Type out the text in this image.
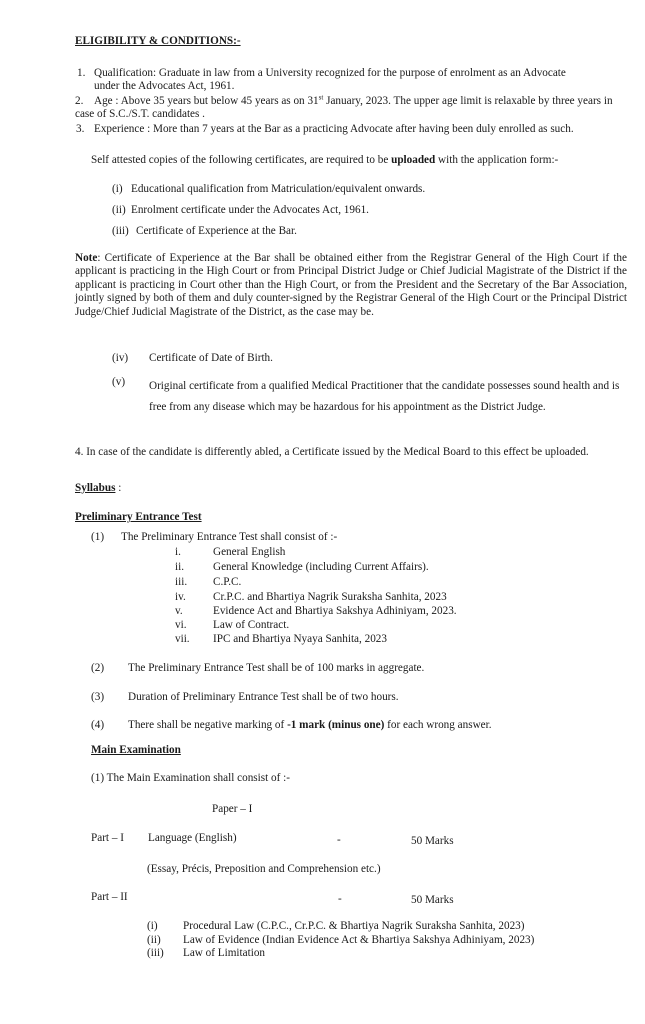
ELIGIBILITY & CONDITIONS:-
1. Qualification: Graduate in law from a University recognized for the purpose of enrolment as an Advocate under the Advocates Act, 1961.
2. Age : Above 35 years but below 45 years as on 31st January, 2023. The upper age limit is relaxable by three years in case of S.C./S.T. candidates .
3. Experience : More than 7 years at the Bar as a practicing Advocate after having been duly enrolled as such.
Self attested copies of the following certificates, are required to be uploaded with the application form:-
(i) Educational qualification from Matriculation/equivalent onwards.
(ii) Enrolment certificate under the Advocates Act, 1961.
(iii) Certificate of Experience at the Bar.
Note: Certificate of Experience at the Bar shall be obtained either from the Registrar General of the High Court if the applicant is practicing in the High Court or from Principal District Judge or Chief Judicial Magistrate of the District if the applicant is practicing in Court other than the High Court, or from the President and the Secretary of the Bar Association, jointly signed by both of them and duly counter-signed by the Registrar General of the High Court or the Principal District Judge/Chief Judicial Magistrate of the District, as the case may be.
(iv) Certificate of Date of Birth.
(v) Original certificate from a qualified Medical Practitioner that the candidate possesses sound health and is free from any disease which may be hazardous for his appointment as the District Judge.
4. In case of the candidate is differently abled, a Certificate issued by the Medical Board to this effect be uploaded.
Syllabus :
Preliminary Entrance Test
(1) The Preliminary Entrance Test shall consist of :-
i.	General English
ii.	General Knowledge (including Current Affairs).
iii. C.P.C.
iv. Cr.P.C. and Bhartiya Nagrik Suraksha Sanhita, 2023
v.	Evidence Act and Bhartiya Sakshya Adhiniyam, 2023.
vi. Law of Contract.
vii. IPC and Bhartiya Nyaya Sanhita, 2023
(2) The Preliminary Entrance Test shall be of 100 marks in aggregate.
(3) Duration of Preliminary Entrance Test shall be of two hours.
(4) There shall be negative marking of -1 mark (minus one) for each wrong answer.
Main Examination
(1) The Main Examination shall consist of :-
Paper – I
Part – I Language (English)	-	50 Marks
(Essay, Précis, Preposition and Comprehension etc.)
Part – II	-	50 Marks
(i) Procedural Law (C.P.C., Cr.P.C. & Bhartiya Nagrik Suraksha Sanhita, 2023)
(ii) Law of Evidence (Indian Evidence Act & Bhartiya Sakshya Adhiniyam, 2023)
(iii) Law of Limitation
